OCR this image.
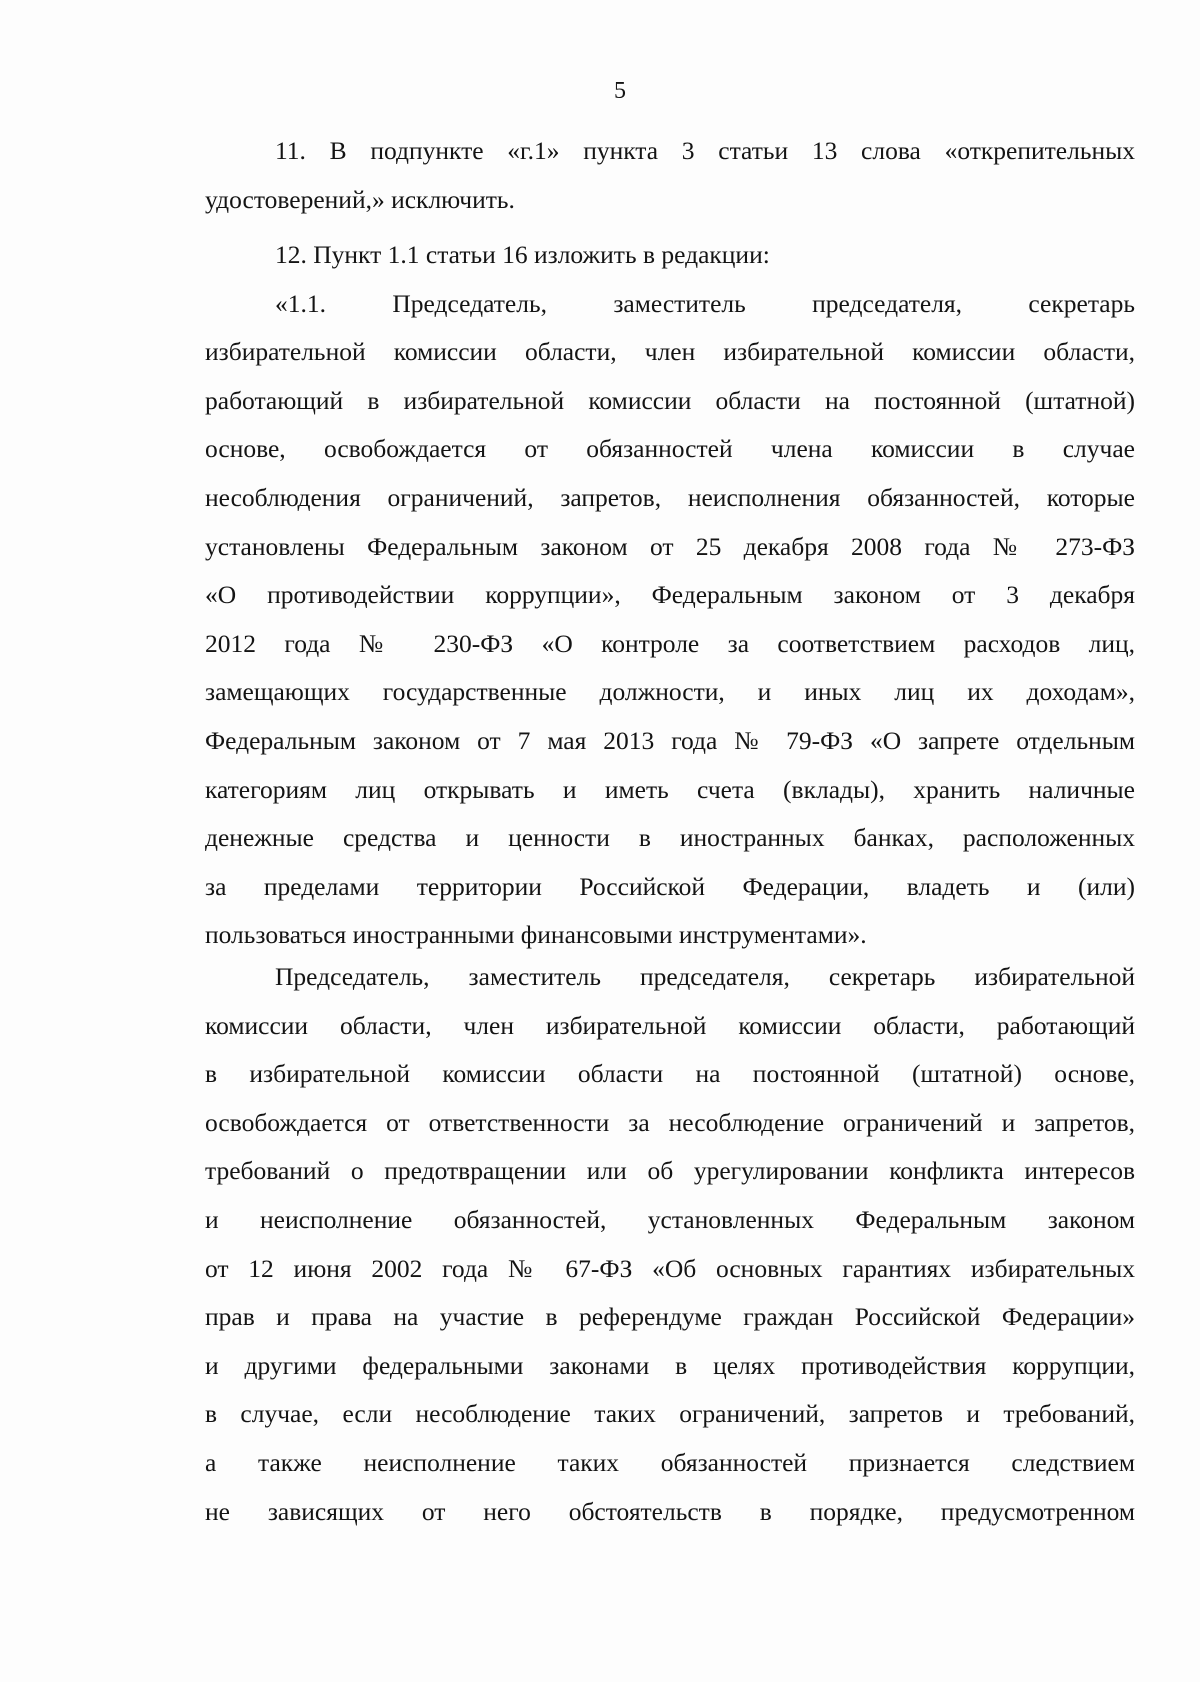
5
11. В подпункте «г.1» пункта 3 статьи 13 слова «открепительных
удостоверений,» исключить.
12. Пункт 1.1 статьи 16 изложить в редакции:
«1.1. Председатель, заместитель председателя, секретарь
избирательной комиссии области, член избирательной комиссии области,
работающий в избирательной комиссии области на постоянной (штатной)
основе, освобождается от обязанностей члена комиссии в случае
несоблюдения ограничений, запретов, неисполнения обязанностей, которые
установлены Федеральным законом от 25 декабря 2008 года № 273-ФЗ
«О противодействии коррупции», Федеральным законом от 3 декабря
2012 года № 230-ФЗ «О контроле за соответствием расходов лиц,
замещающих государственные должности, и иных лиц их доходам»,
Федеральным законом от 7 мая 2013 года № 79-ФЗ «О запрете отдельным
категориям лиц открывать и иметь счета (вклады), хранить наличные
денежные средства и ценности в иностранных банках, расположенных
за пределами территории Российской Федерации, владеть и (или)
пользоваться иностранными финансовыми инструментами».
Председатель, заместитель председателя, секретарь избирательной
комиссии области, член избирательной комиссии области, работающий
в избирательной комиссии области на постоянной (штатной) основе,
освобождается от ответственности за несоблюдение ограничений и запретов,
требований о предотвращении или об урегулировании конфликта интересов
и неисполнение обязанностей, установленных Федеральным законом
от 12 июня 2002 года № 67-ФЗ «Об основных гарантиях избирательных
прав и права на участие в референдуме граждан Российской Федерации»
и другими федеральными законами в целях противодействия коррупции,
в случае, если несоблюдение таких ограничений, запретов и требований,
а также неисполнение таких обязанностей признается следствием
не зависящих от него обстоятельств в порядке, предусмотренном
